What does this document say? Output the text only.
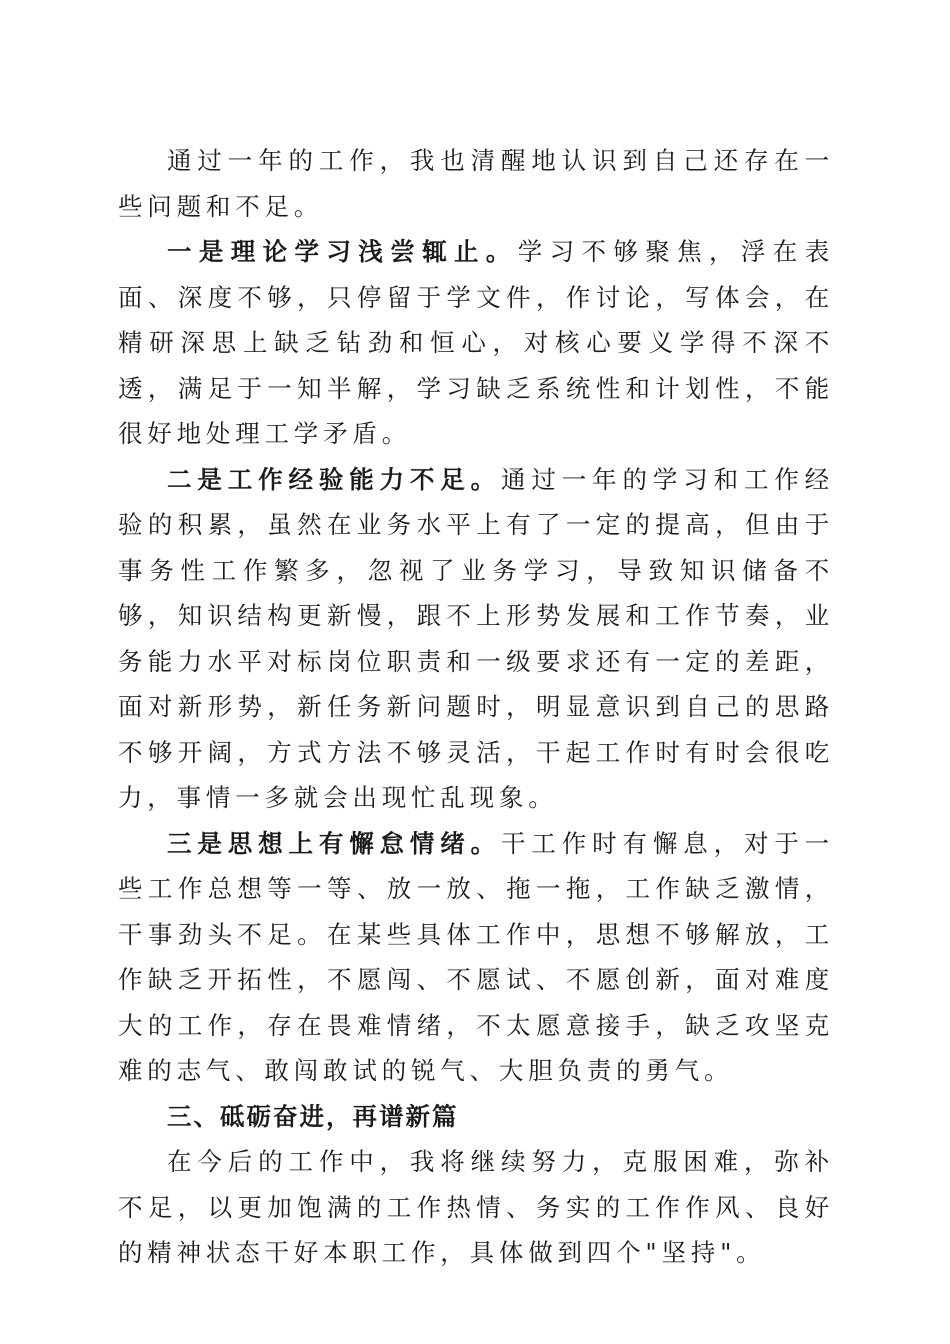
通过一年的工作，我也清醒地认识到自己还存在一些问题和不足。

一是理论学习浅尝辄止。学习不够聚焦，浮在表面、深度不够，只停留于学文件，作讨论，写体会，在精研深思上缺乏钻劲和恒心，对核心要义学得不深不透，满足于一知半解，学习缺乏系统性和计划性，不能很好地处理工学矛盾。

二是工作经验能力不足。通过一年的学习和工作经验的积累，虽然在业务水平上有了一定的提高，但由于事务性工作繁多，忽视了业务学习，导致知识储备不够，知识结构更新慢，跟不上形势发展和工作节奏，业务能力水平对标岗位职责和一级要求还有一定的差距，面对新形势，新任务新问题时，明显意识到自己的思路不够开阔，方式方法不够灵活，干起工作时有时会很吃力，事情一多就会出现忙乱现象。

三是思想上有懈怠情绪。干工作时有懈息，对于一些工作总想等一等、放一放、拖一拖，工作缺乏激情，干事劲头不足。在某些具体工作中，思想不够解放，工作缺乏开拓性，不愿闯、不愿试、不愿创新，面对难度大的工作，存在畏难情绪，不太愿意接手，缺乏攻坚克难的志气、敢闯敢试的锐气、大胆负责的勇气。

三、砥砺奋进，再谱新篇

在今后的工作中，我将继续努力，克服困难，弥补不足，以更加饱满的工作热情、务实的工作作风、良好的精神状态干好本职工作，具体做到四个"坚持"。
